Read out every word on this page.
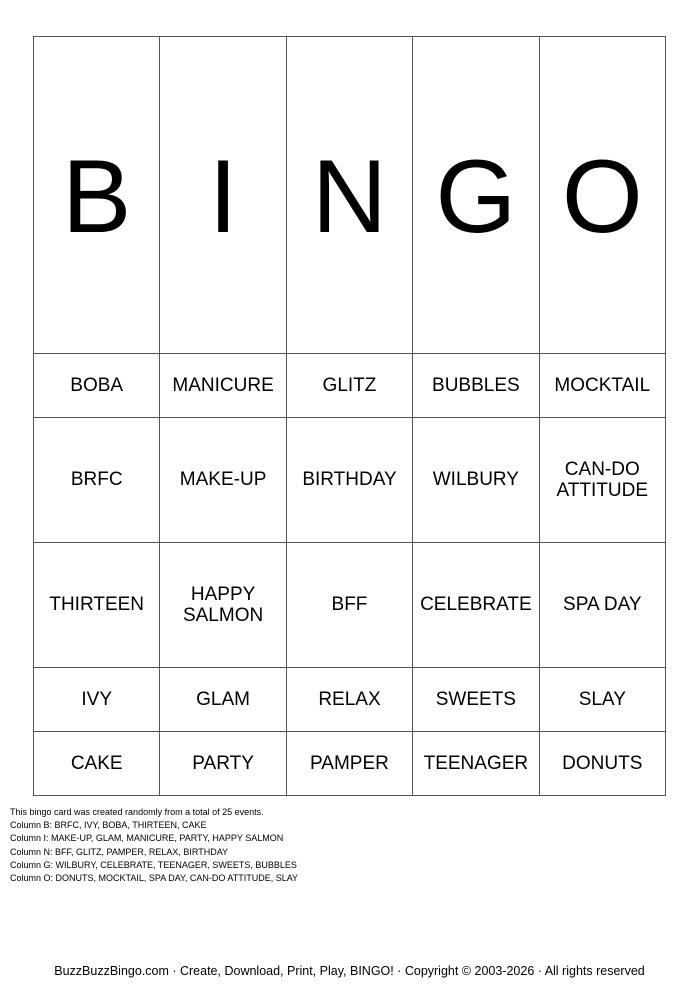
B	I	N	G	O
BOBA	MANICURE	GLITZ	BUBBLES	MOCKTAIL
BRFC	MAKE-UP	BIRTHDAY	WILBURY	CAN-DO ATTITUDE
THIRTEEN	HAPPY SALMON	BFF	CELEBRATE	SPA DAY
IVY	GLAM	RELAX	SWEETS	SLAY
CAKE	PARTY	PAMPER	TEENAGER	DONUTS
This bingo card was created randomly from a total of 25 events.
Column B: BRFC, IVY, BOBA, THIRTEEN, CAKE
Column I: MAKE-UP, GLAM, MANICURE, PARTY, HAPPY SALMON
Column N: BFF, GLITZ, PAMPER, RELAX, BIRTHDAY
Column G: WILBURY, CELEBRATE, TEENAGER, SWEETS, BUBBLES
Column O: DONUTS, MOCKTAIL, SPA DAY, CAN-DO ATTITUDE, SLAY
BuzzBuzzBingo.com · Create, Download, Print, Play, BINGO! · Copyright © 2003-2026 · All rights reserved
